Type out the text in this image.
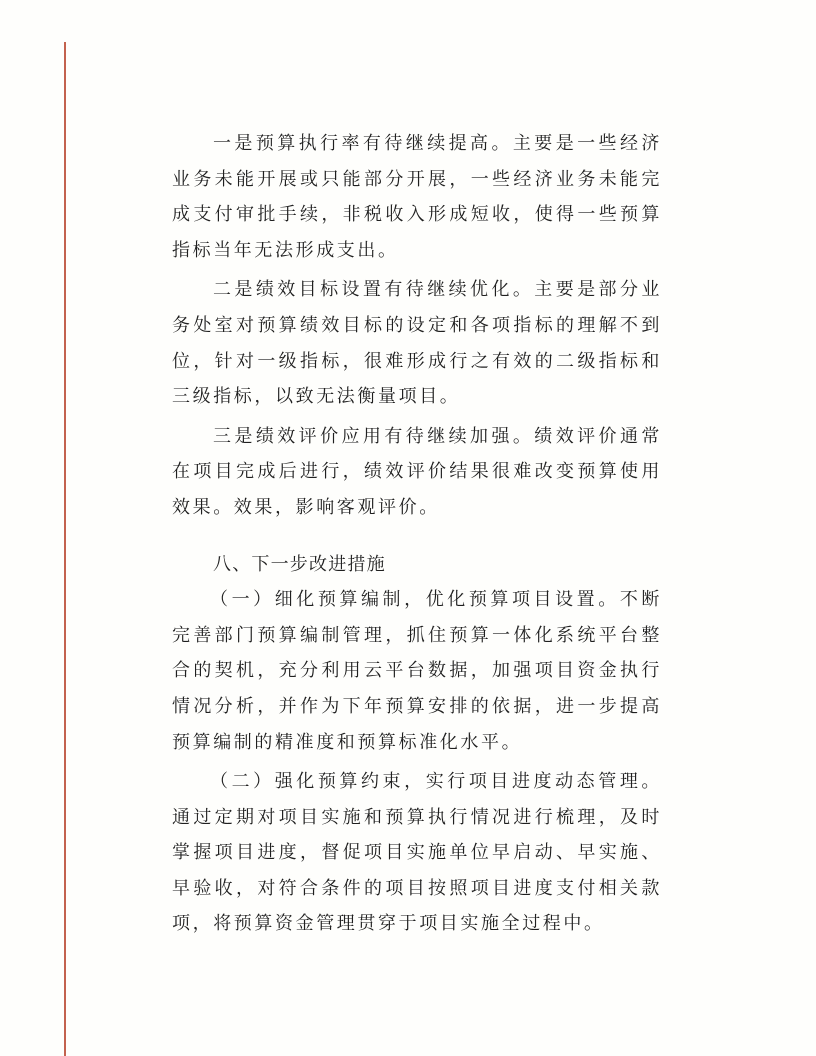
一是预算执行率有待继续提高。主要是一些经济业务未能开展或只能部分开展，一些经济业务未能完成支付审批手续，非税收入形成短收，使得一些预算指标当年无法形成支出。

二是绩效目标设置有待继续优化。主要是部分业务处室对预算绩效目标的设定和各项指标的理解不到位，针对一级指标，很难形成行之有效的二级指标和三级指标，以致无法衡量项目。

三是绩效评价应用有待继续加强。绩效评价通常在项目完成后进行，绩效评价结果很难改变预算使用效果。效果，影响客观评价。

八、下一步改进措施

（一）细化预算编制，优化预算项目设置。不断完善部门预算编制管理，抓住预算一体化系统平台整合的契机，充分利用云平台数据，加强项目资金执行情况分析，并作为下年预算安排的依据，进一步提高预算编制的精准度和预算标准化水平。

（二）强化预算约束，实行项目进度动态管理。通过定期对项目实施和预算执行情况进行梳理，及时掌握项目进度，督促项目实施单位早启动、早实施、早验收，对符合条件的项目按照项目进度支付相关款项，将预算资金管理贯穿于项目实施全过程中。
